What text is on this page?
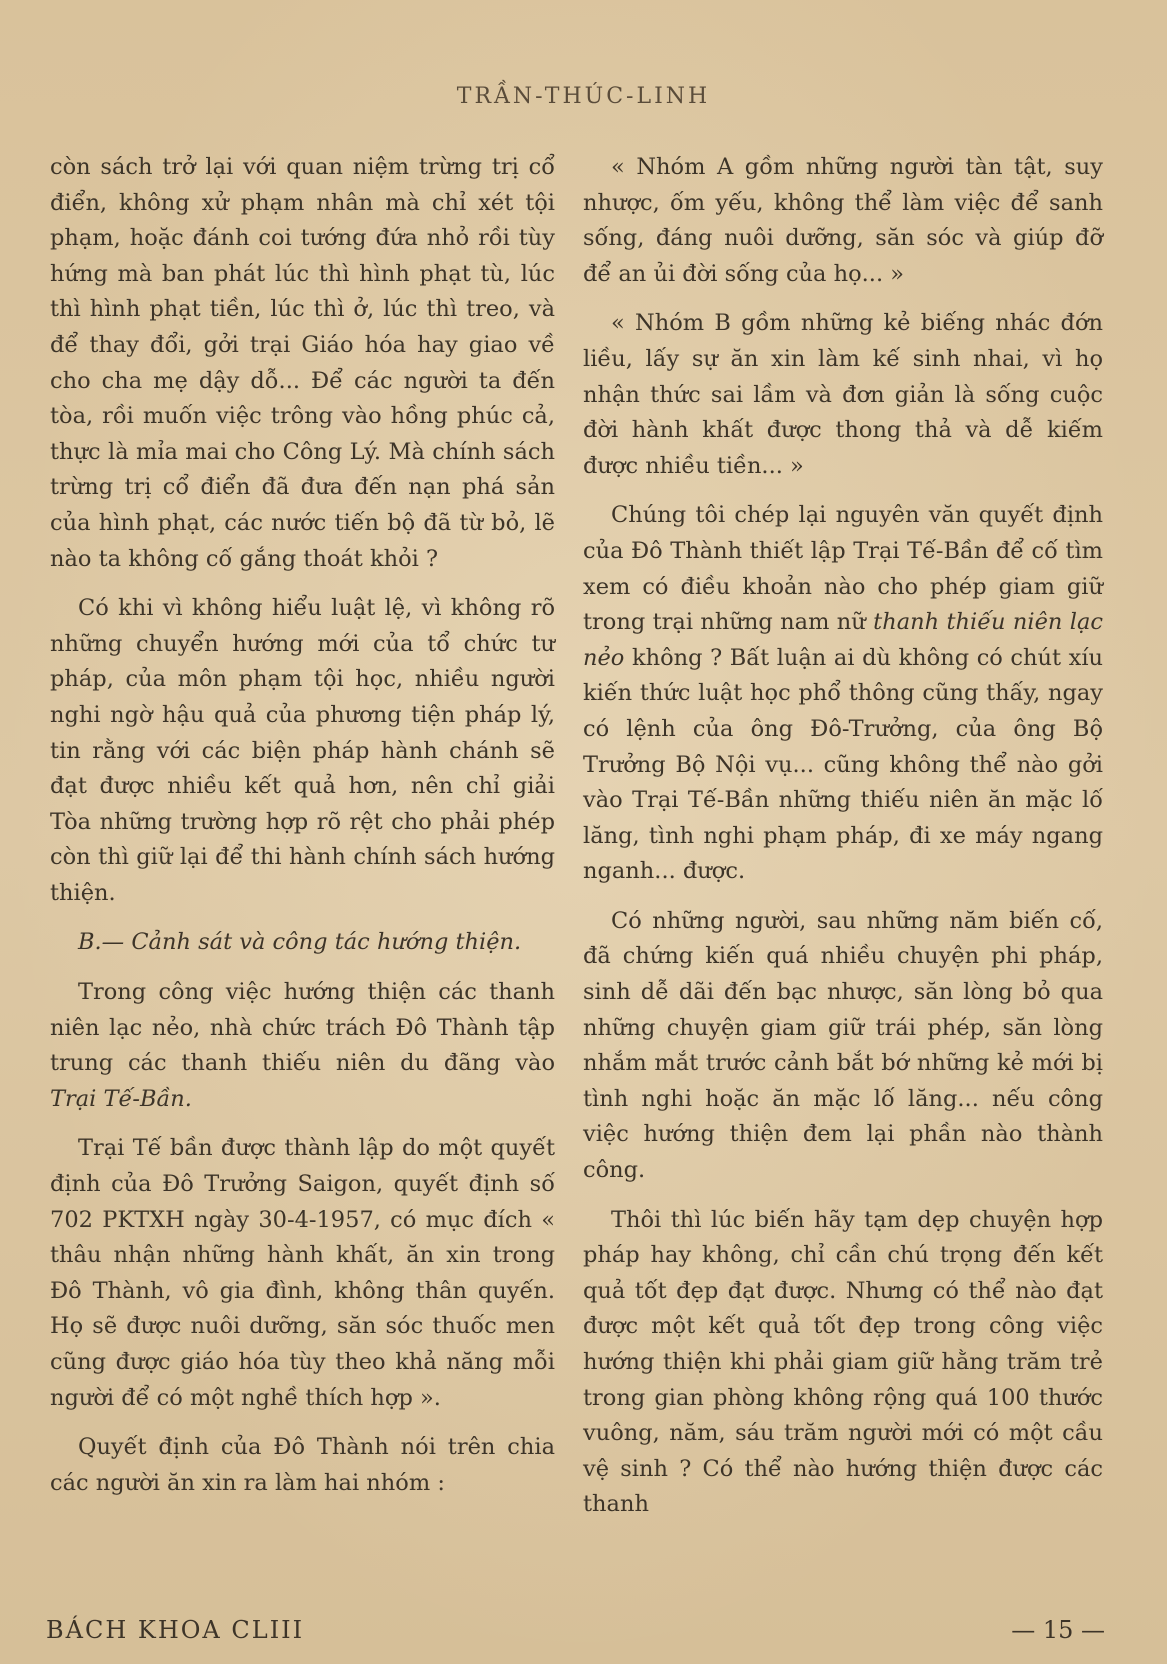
TRẦN-THÚC-LINH

còn sách trở lại với quan niệm trừng trị cổ điển, không xử phạm nhân mà chỉ xét tội phạm, hoặc đánh coi tướng đứa nhỏ rồi tùy hứng mà ban phát lúc thì hình phạt tù, lúc thì hình phạt tiền, lúc thì ở, lúc thì treo, và để thay đổi, gởi trại Giáo hóa hay giao về cho cha mẹ dậy dỗ... Để các người ta đến tòa, rồi muốn việc trông vào hồng phúc cả, thực là mỉa mai cho Công Lý. Mà chính sách trừng trị cổ điển đã đưa đến nạn phá sản của hình phạt, các nước tiến bộ đã từ bỏ, lẽ nào ta không cố gắng thoát khỏi ?

Có khi vì không hiểu luật lệ, vì không rõ những chuyển hướng mới của tổ chức tư pháp, của môn phạm tội học, nhiều người nghi ngờ hậu quả của phương tiện pháp lý, tin rằng với các biện pháp hành chánh sẽ đạt được nhiều kết quả hơn, nên chỉ giải Tòa những trường hợp rõ rệt cho phải phép còn thì giữ lại để thi hành chính sách hướng thiện.

B.— Cảnh sát và công tác hướng thiện.

Trong công việc hướng thiện các thanh niên lạc nẻo, nhà chức trách Đô Thành tập trung các thanh thiếu niên du đãng vào Trại Tế-Bần.

Trại Tế bần được thành lập do một quyết định của Đô Trưởng Saigon, quyết định số 702 PKTXH ngày 30-4-1957, có mục đích « thâu nhận những hành khất, ăn xin trong Đô Thành, vô gia đình, không thân quyến. Họ sẽ được nuôi dưỡng, săn sóc thuốc men cũng được giáo hóa tùy theo khả năng mỗi người để có một nghề thích hợp ».

Quyết định của Đô Thành nói trên chia các người ăn xin ra làm hai nhóm :

« Nhóm A gồm những người tàn tật, suy nhược, ốm yếu, không thể làm việc để sanh sống, đáng nuôi dưỡng, săn sóc và giúp đỡ để an ủi đời sống của họ... »

« Nhóm B gồm những kẻ biếng nhác đớn liều, lấy sự ăn xin làm kế sinh nhai, vì họ nhận thức sai lầm và đơn giản là sống cuộc đời hành khất được thong thả và dễ kiếm được nhiều tiền... »

Chúng tôi chép lại nguyên văn quyết định của Đô Thành thiết lập Trại Tế-Bần để cố tìm xem có điều khoản nào cho phép giam giữ trong trại những nam nữ thanh thiếu niên lạc nẻo không ? Bất luận ai dù không có chút xíu kiến thức luật học phổ thông cũng thấy, ngay có lệnh của ông Đô-Trưởng, của ông Bộ Trưởng Bộ Nội vụ... cũng không thể nào gởi vào Trại Tế-Bần những thiếu niên ăn mặc lố lăng, tình nghi phạm pháp, đi xe máy ngang nganh... được.

Có những người, sau những năm biến cố, đã chứng kiến quá nhiều chuyện phi pháp, sinh dễ dãi đến bạc nhược, săn lòng bỏ qua những chuyện giam giữ trái phép, săn lòng nhắm mắt trước cảnh bắt bớ những kẻ mới bị tình nghi hoặc ăn mặc lố lăng... nếu công việc hướng thiện đem lại phần nào thành công.

Thôi thì lúc biến hãy tạm dẹp chuyện hợp pháp hay không, chỉ cần chú trọng đến kết quả tốt đẹp đạt được. Nhưng có thể nào đạt được một kết quả tốt đẹp trong công việc hướng thiện khi phải giam giữ hằng trăm trẻ trong gian phòng không rộng quá 100 thước vuông, năm, sáu trăm người mới có một cầu vệ sinh ? Có thể nào hướng thiện được các thanh

BÁCH KHOA CLIII	— 15 —
